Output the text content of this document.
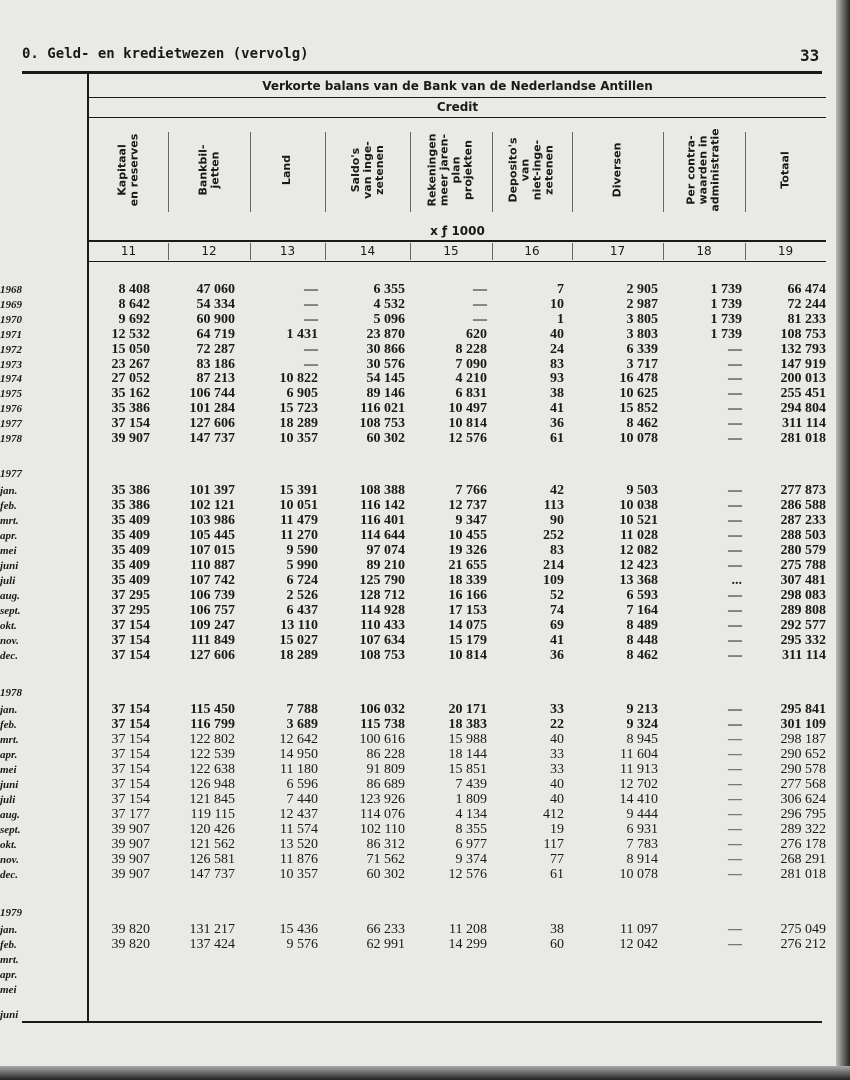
0. Geld- en kredietwezen (vervolg)	33
Verkorte balans van de Bank van de Nederlandse Antillen
Credit
Kapitaal
en reserves
11
Bankbil-
jetten
12
Land
13
Saldo's
van inge-
zetenen
14
Rekeningen
meer jaren-
plan
projekten
15
Deposito's
van
niet-inge-
zetenen
16
Diversen
17
Per contra-
waarden in
administratie
18
Totaal
19
x ƒ 1000
1968	8 408	47 060	—	6 355	—	7	2 905	1 739	66 474
1969	8 642	54 334	—	4 532	—	10	2 987	1 739	72 244
1970	9 692	60 900	—	5 096	—	1	3 805	1 739	81 233
1971	12 532	64 719	1 431	23 870	620	40	3 803	1 739	108 753
1972	15 050	72 287	—	30 866	8 228	24	6 339	—	132 793
1973	23 267	83 186	—	30 576	7 090	83	3 717	—	147 919
1974	27 052	87 213	10 822	54 145	4 210	93	16 478	—	200 013
1975	35 162	106 744	6 905	89 146	6 831	38	10 625	—	255 451
1976	35 386	101 284	15 723	116 021	10 497	41	15 852	—	294 804
1977	37 154	127 606	18 289	108 753	10 814	36	8 462	—	311 114
1978	39 907	147 737	10 357	60 302	12 576	61	10 078	—	281 018
1977
jan.	35 386	101 397	15 391	108 388	7 766	42	9 503	—	277 873
feb.	35 386	102 121	10 051	116 142	12 737	113	10 038	—	286 588
mrt.	35 409	103 986	11 479	116 401	9 347	90	10 521	—	287 233
apr.	35 409	105 445	11 270	114 644	10 455	252	11 028	—	288 503
mei	35 409	107 015	9 590	97 074	19 326	83	12 082	—	280 579
juni	35 409	110 887	5 990	89 210	21 655	214	12 423	—	275 788
juli	35 409	107 742	6 724	125 790	18 339	109	13 368	...	307 481
aug.	37 295	106 739	2 526	128 712	16 166	52	6 593	—	298 083
sept.	37 295	106 757	6 437	114 928	17 153	74	7 164	—	289 808
okt.	37 154	109 247	13 110	110 433	14 075	69	8 489	—	292 577
nov.	37 154	111 849	15 027	107 634	15 179	41	8 448	—	295 332
dec.	37 154	127 606	18 289	108 753	10 814	36	8 462	—	311 114
1978
jan.	37 154	115 450	7 788	106 032	20 171	33	9 213	—	295 841
feb.	37 154	116 799	3 689	115 738	18 383	22	9 324	—	301 109
mrt.	37 154	122 802	12 642	100 616	15 988	40	8 945	—	298 187
apr.	37 154	122 539	14 950	86 228	18 144	33	11 604	—	290 652
mei	37 154	122 638	11 180	91 809	15 851	33	11 913	—	290 578
juni	37 154	126 948	6 596	86 689	7 439	40	12 702	—	277 568
juli	37 154	121 845	7 440	123 926	1 809	40	14 410	—	306 624
aug.	37 177	119 115	12 437	114 076	4 134	412	9 444	—	296 795
sept.	39 907	120 426	11 574	102 110	8 355	19	6 931	—	289 322
okt.	39 907	121 562	13 520	86 312	6 977	117	7 783	—	276 178
nov.	39 907	126 581	11 876	71 562	9 374	77	8 914	—	268 291
dec.	39 907	147 737	10 357	60 302	12 576	61	10 078	—	281 018
1979
jan.	39 820	131 217	15 436	66 233	11 208	38	11 097	—	275 049
feb.	39 820	137 424	9 576	62 991	14 299	60	12 042	—	276 212
mrt.
apr.
mei
juni
